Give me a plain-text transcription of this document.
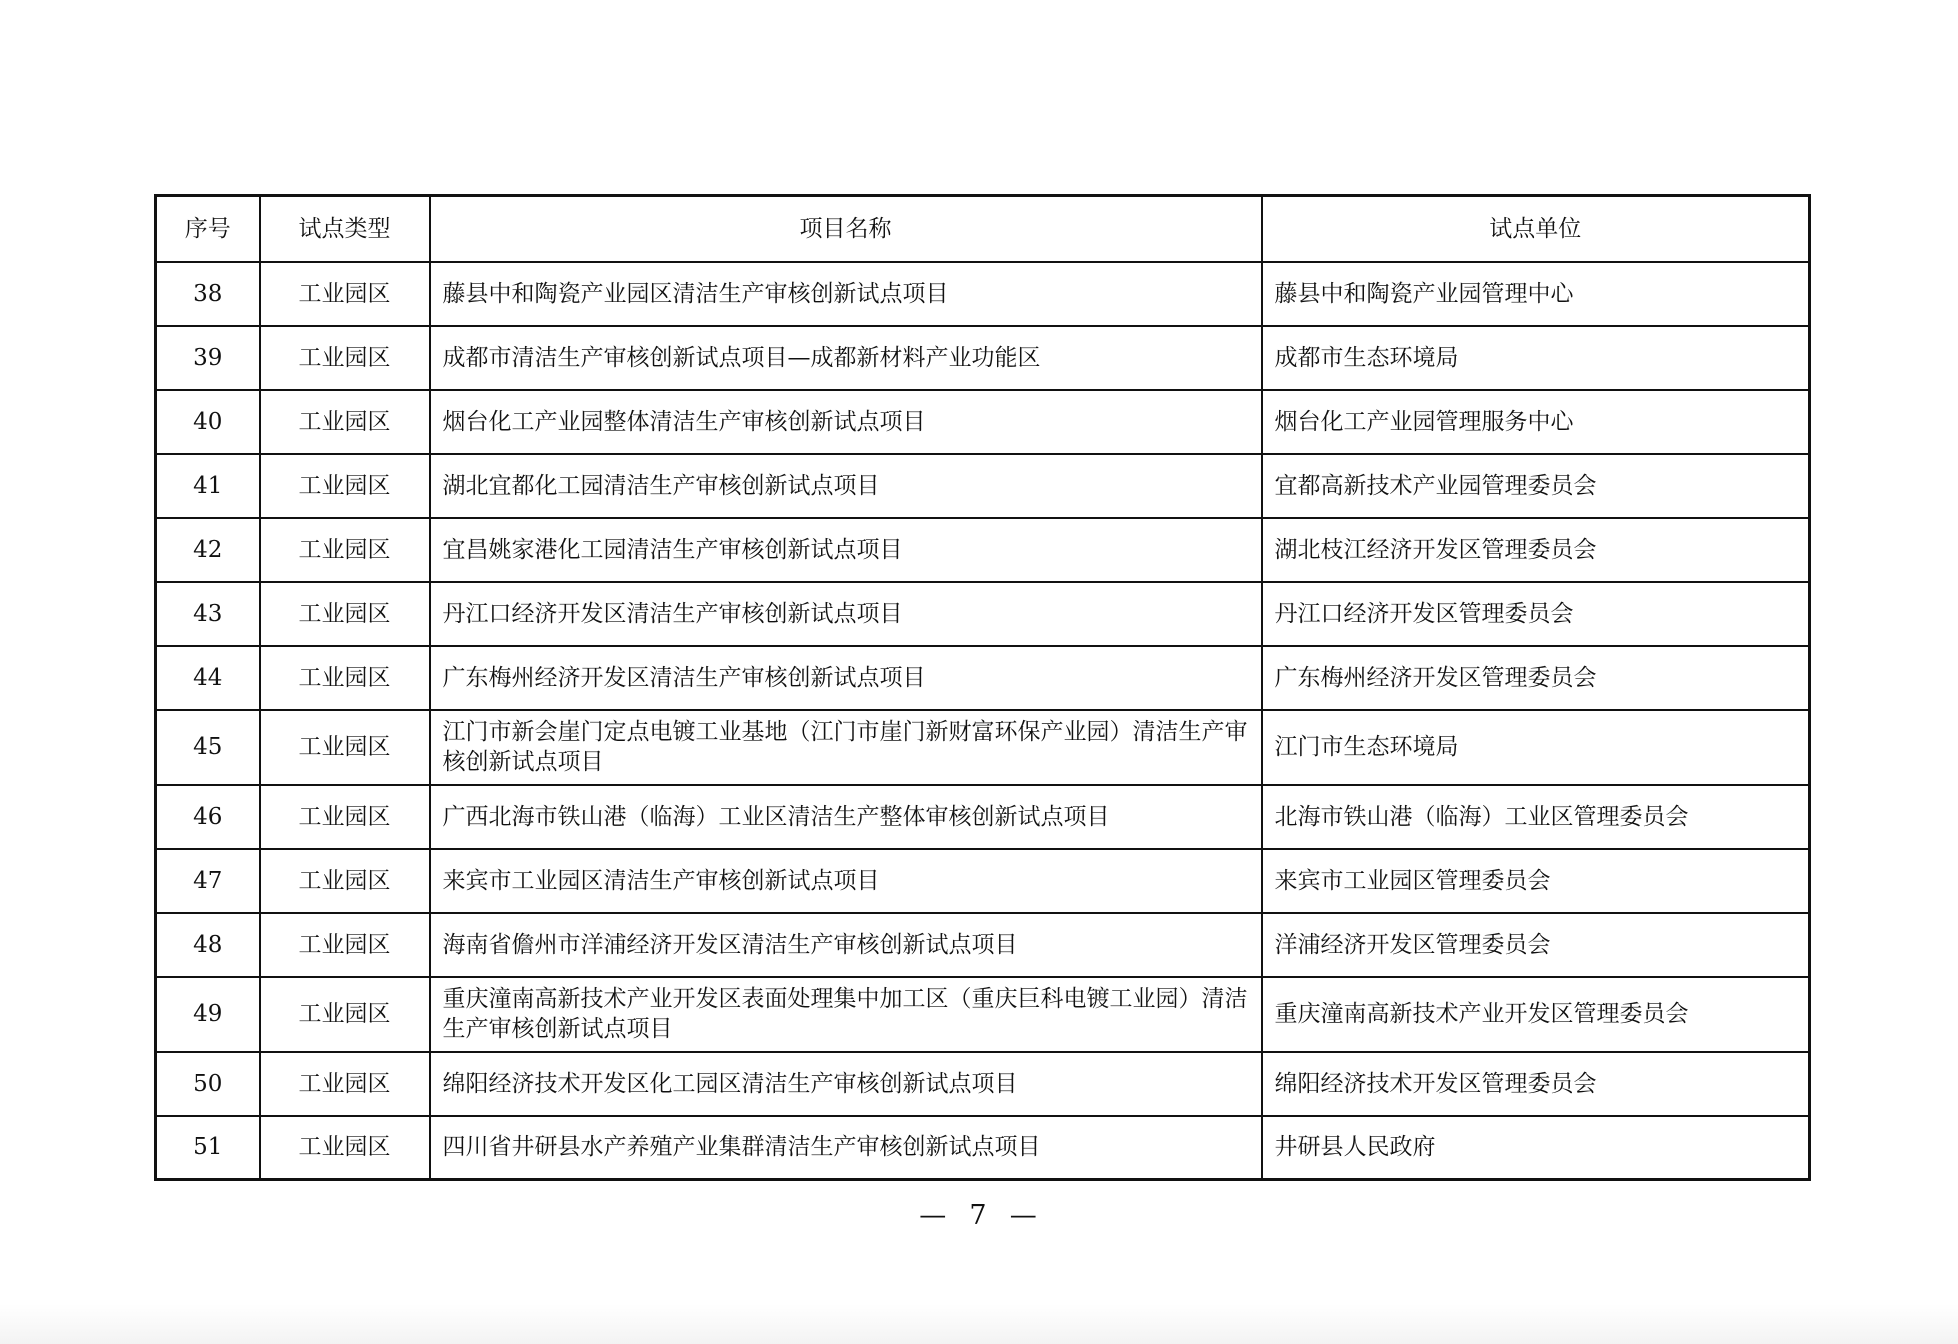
序号	试点类型	项目名称	试点单位
38	工业园区	藤县中和陶瓷产业园区清洁生产审核创新试点项目	藤县中和陶瓷产业园管理中心
39	工业园区	成都市清洁生产审核创新试点项目—成都新材料产业功能区	成都市生态环境局
40	工业园区	烟台化工产业园整体清洁生产审核创新试点项目	烟台化工产业园管理服务中心
41	工业园区	湖北宜都化工园清洁生产审核创新试点项目	宜都高新技术产业园管理委员会
42	工业园区	宜昌姚家港化工园清洁生产审核创新试点项目	湖北枝江经济开发区管理委员会
43	工业园区	丹江口经济开发区清洁生产审核创新试点项目	丹江口经济开发区管理委员会
44	工业园区	广东梅州经济开发区清洁生产审核创新试点项目	广东梅州经济开发区管理委员会
45	工业园区	江门市新会崖门定点电镀工业基地（江门市崖门新财富环保产业园）清洁生产审核创新试点项目	江门市生态环境局
46	工业园区	广西北海市铁山港（临海）工业区清洁生产整体审核创新试点项目	北海市铁山港（临海）工业区管理委员会
47	工业园区	来宾市工业园区清洁生产审核创新试点项目	来宾市工业园区管理委员会
48	工业园区	海南省儋州市洋浦经济开发区清洁生产审核创新试点项目	洋浦经济开发区管理委员会
49	工业园区	重庆潼南高新技术产业开发区表面处理集中加工区（重庆巨科电镀工业园）清洁生产审核创新试点项目	重庆潼南高新技术产业开发区管理委员会
50	工业园区	绵阳经济技术开发区化工园区清洁生产审核创新试点项目	绵阳经济技术开发区管理委员会
51	工业园区	四川省井研县水产养殖产业集群清洁生产审核创新试点项目	井研县人民政府
—  7  —
